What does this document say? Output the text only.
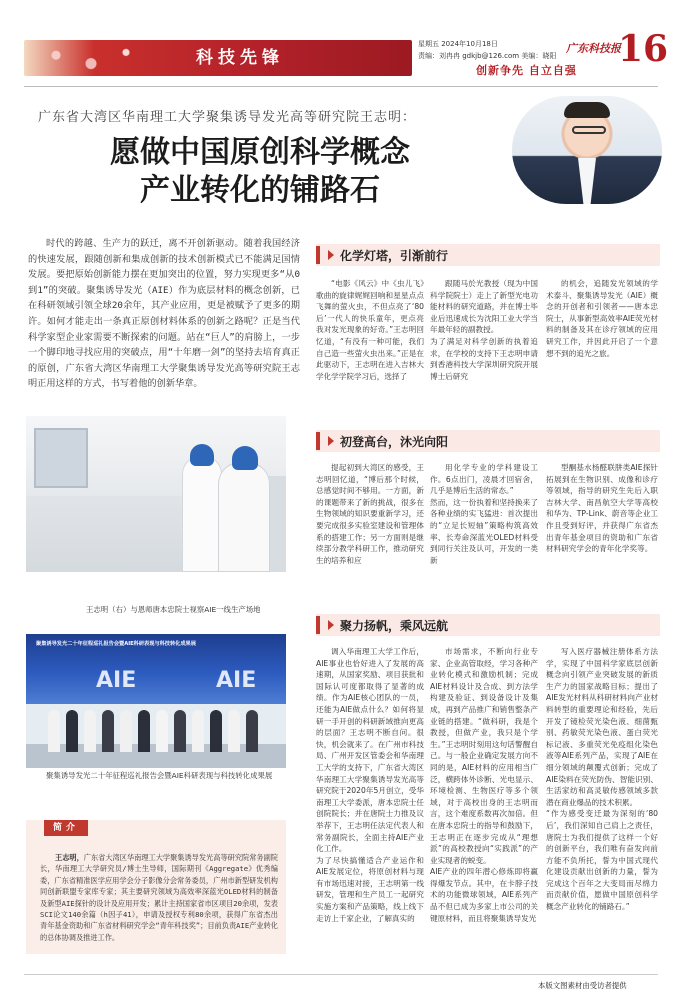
科技先锋
星期五 2024年10月18日
责编：刘冉冉 gdkjb@126.com 美编：晓阳
广东科技报
16
创新争先 自立自强
广东省大湾区华南理工大学聚集诱导发光高等研究院王志明：
愿做中国原创科学概念
产业转化的铺路石
时代的跨越、生产力的跃迁，离不开创新驱动。随着我国经济的快速发展，跟随创新和集成创新的技术创新模式已不能满足国情发展。要把原始创新能力摆在更加突出的位置，努力实现更多“从0到1”的突破。聚集诱导发光（AIE）作为底层材料的概念创新，已在科研领域引领全球20余年，其产业应用，更是被赋予了更多的期许。如何才能走出一条真正原创材料体系的创新之路呢？正是当代科学家型企业家需要不断探索的问题。站在“巨人”的肩膀上，一步一个脚印地寻找应用的突破点，用“十年磨一剑”的坚持去培育真正的原创，广东省大湾区华南理工大学聚集诱导发光高等研究院王志明正用这样的方式，书写着他的创新华章。
化学灯塔，引渐前行

“电影《风云》中《虫儿飞》歌曲的旋律娓娓回响和星星点点飞舞的萤火虫，不但点亮了‘80后’一代人的快乐童年，更点亮我对发光现象的好奇。”王志明回忆道，“有没有一种可能，我们自己造一些萤火虫出来。”正是在此驱动下，王志明在进入吉林大学化学学院学习后，选择了

跟随马於光教授（现为中国科学院院士）走上了新型光电功能材料的研究道路，并在博士毕业后迅速成长为沈阳工业大学当年最年轻的副教授。
为了满足对科学创新的执着追求，在学校的支持下王志明申请到香港科技大学深圳研究院开展博士后研究

的机会，追随发光领域的学术泰斗、聚集诱导发光（AIE）概念的开创者和引领者——唐本忠院士，从事新型高效率AIE荧光材料的制备及其在诊疗领域的应用研究工作，并因此开启了一个意想不到的追光之旅。

王志明（右）与恩师唐本忠院士视察AIE一线生产场地
初登高台，沐光向阳

提起初到大湾区的感受，王志明回忆道，“博后那个时候，总感觉时间不够用。一方面，新的课题带来了新的挑战，很多在生物领域的知识要重新学习，还要完成很多实验室建设和管理体系的搭建工作；另一方面则是继续部分教学科研工作，推动研究生的培养和应

用化学专业的学科建设工作。6点出门，凌晨才回宿舍，几乎是博后生活的常态。”
然而，这一份执着和坚持换来了各种业绩的实飞猛进：首次提出的“立足长短轴”策略构筑高效率、长寿命深蓝光OLED材料受到同行关注及认可，开发的一类新

型酮基水杨醛联肼类AIE探针拓展到在生物识别、成像和诊疗等领域，指导的研究生先后入职吉林大学、南昌航空大学等高校和华为、TP-Link、蔚音等企业工作且受到好评，并获得广东省杰出青年基金项目的资助和广东省材料研究学会的青年化学奖等。

聚集诱导发光二十年征程巡礼报告会暨AIE科研表现与科技转化成果展
AIE	AIE
聚集诱导发光二十年征程巡礼报告会暨AIE科研表现与科技转化成果展
聚力扬帆，乘风远航

调入华南理工大学工作后，AIE事业也恰好进入了发展的高速期，从国家奖励、项目获批和国际认可度都取得了显著的成绩。作为AIE核心团队的一员，还能为AIE做点什么？如何将显研一手开创的科研新域推向更高的层面？王志明不断自问。很快，机会就来了。在广州市科技局、广州开发区管委会和华南理工大学的支持下，广东省大湾区华南理工大学聚集诱导发光高等研究院于2020年5月创立，受华南理工大学委派，唐本忠院士任创院院长；并在唐院士力推及议举荐下，王志明任法定代表人和常务副院长，全面主持AIE产业化工作。
为了尽快搞懂适合产业运作和AIE发展定位，将原创材料与现有市场迅速对接，王志明第一线研发，管理和生产员工一起研究实施方案和产品策略，线上线下走访上千家企业，了解真实的

市场需求，不断向行业专家、企业高管取经，学习各种产业转化模式和激励机制；完成AIE材料设计及合成、到方法学构建及验证、到设备设计及集成，再到产品推广和销售整条产业链的搭建。“做科研，我是个教授，但做产业，我只是个学生。”王志明时刻用这句话警醒自己。与一般企业确定发展方向不同的是，AIE材料的应用相当广泛，横跨体外诊断、光电显示、环境检测、生物医疗等多个领域，对于高校出身的王志明而言，这个难度系数再次加倍。但在唐本忠院士的指导和鼓励下，王志明正在逐步完成从“理想派”的高校教授向“实践派”的产业实现者的蜕变。
AIE产业的四年潜心修炼即将赢得爆发节点。其中，在卡脖子技术的功能微球领域，AIE系列产品不但已成为多家上市公司的关键原材料，而且将聚集诱导发光

写入医疗器械注册体系方法学，实现了中国科学家底层创新概念向引领产业突破发展的新质生产力的国家战略目标；提出了AIE发光材料从科研材料向产业材料转型的重要理论和经验，先后开发了镜检荧光染色液、细菌甄别、药敏荧光染色液、蛋白荧光标记液、多重荧光免疫组化染色液等AIE系列产品，实现了AIE在细分领域的颠覆式创新；完成了AIE染料在荧光防伪、智能识别、生活家纺和高灵敏传感领域多款潜在商业爆品的技术积累。
“作为感受变迁最为深刻的‘80后’，我们深知自己肩上之责任，唐院士为我们提供了这样一个好的创新平台，我们唯有奋发向前方能不负所托，誓为中国式现代化建设贡献出创新的力量，誓为完成这个百年之大变局而尽绵力而贡献价值，愿做中国原创科学概念产业转化的铺路石。”

简介
王志明，广东省大湾区华南理工大学聚集诱导发光高等研究院常务副院长，华南理工大学研究员/博士生导师，国际期刊《Aggregate》优秀编委，广东省精准医学应用学会分子影像分会常务委员，广州市新型研发机构同创新联盟专家库专家；其主要研究领域为高效率深蓝光OLED材料的制备及新型AIE探针的设计及应用开发；累计主持国家省市区项目20余项，发表SCI论文140余篇（h因子41），申请及授权专利80余项，获得广东省杰出青年基金资助和广东省材料研究学会“青年科技奖”；目前负责AIE产业转化的总体协调及推进工作。
本版文图素材由受访者提供
